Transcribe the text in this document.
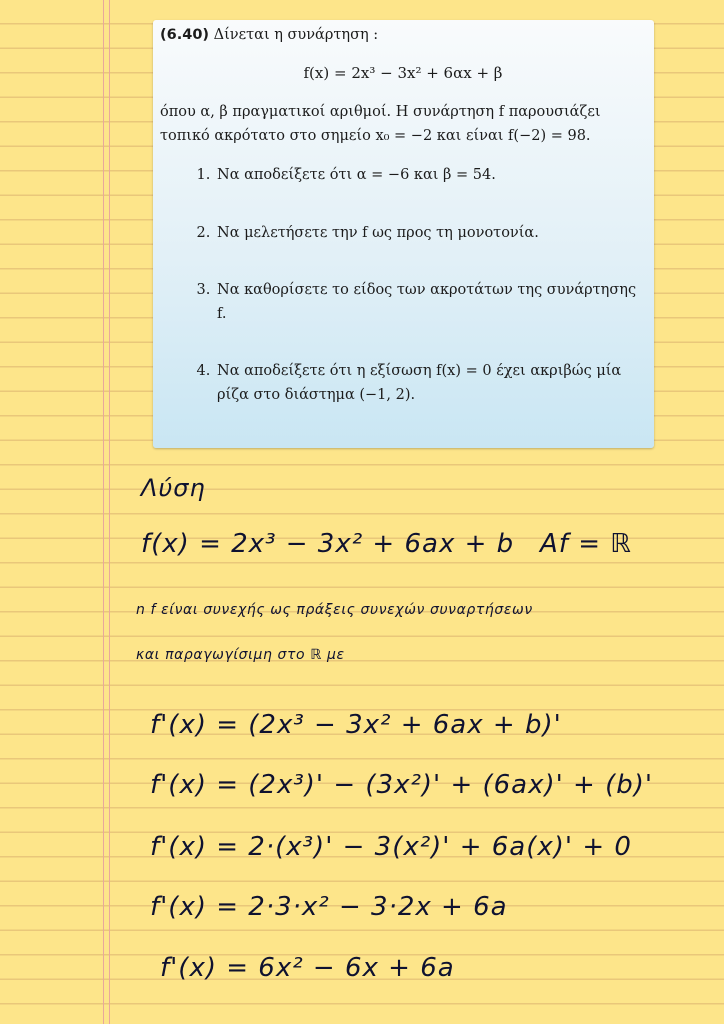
(6.40) Δίνεται η συνάρτηση :

f(x) = 2x³ − 3x² + 6αx + β
όπου α, β πραγματικοί αριθμοί. Η συνάρτηση f παρουσιάζει τοπικό ακρότατο στο σημείο x₀ = −2 και είναι f(−2) = 98.
1. Να αποδείξετε ότι α = −6 και β = 54.
2. Να μελετήσετε την f ως προς τη μονοτονία.
3. Να καθορίσετε το είδος των ακροτάτων της συνάρτησης f.
4. Να αποδείξετε ότι η εξίσωση f(x) = 0 έχει ακριβώς μία ρίζα στο διάστημα (−1, 2).

Λύση

f(x) = 2x³ − 3x² + 6ax + b Af = ℝ

n f είναι συνεχής ως πράξεις συνεχών συναρτήσεων

και παραγωγίσιμη στο ℝ με

f'(x) = (2x³ − 3x² + 6ax + b)'

f'(x) = (2x³)' − (3x²)' + (6ax)' + (b)'

f'(x) = 2·(x³)' − 3(x²)' + 6a(x)' + 0

f'(x) = 2·3·x² − 3·2x + 6a

f'(x) = 6x² − 6x + 6a
